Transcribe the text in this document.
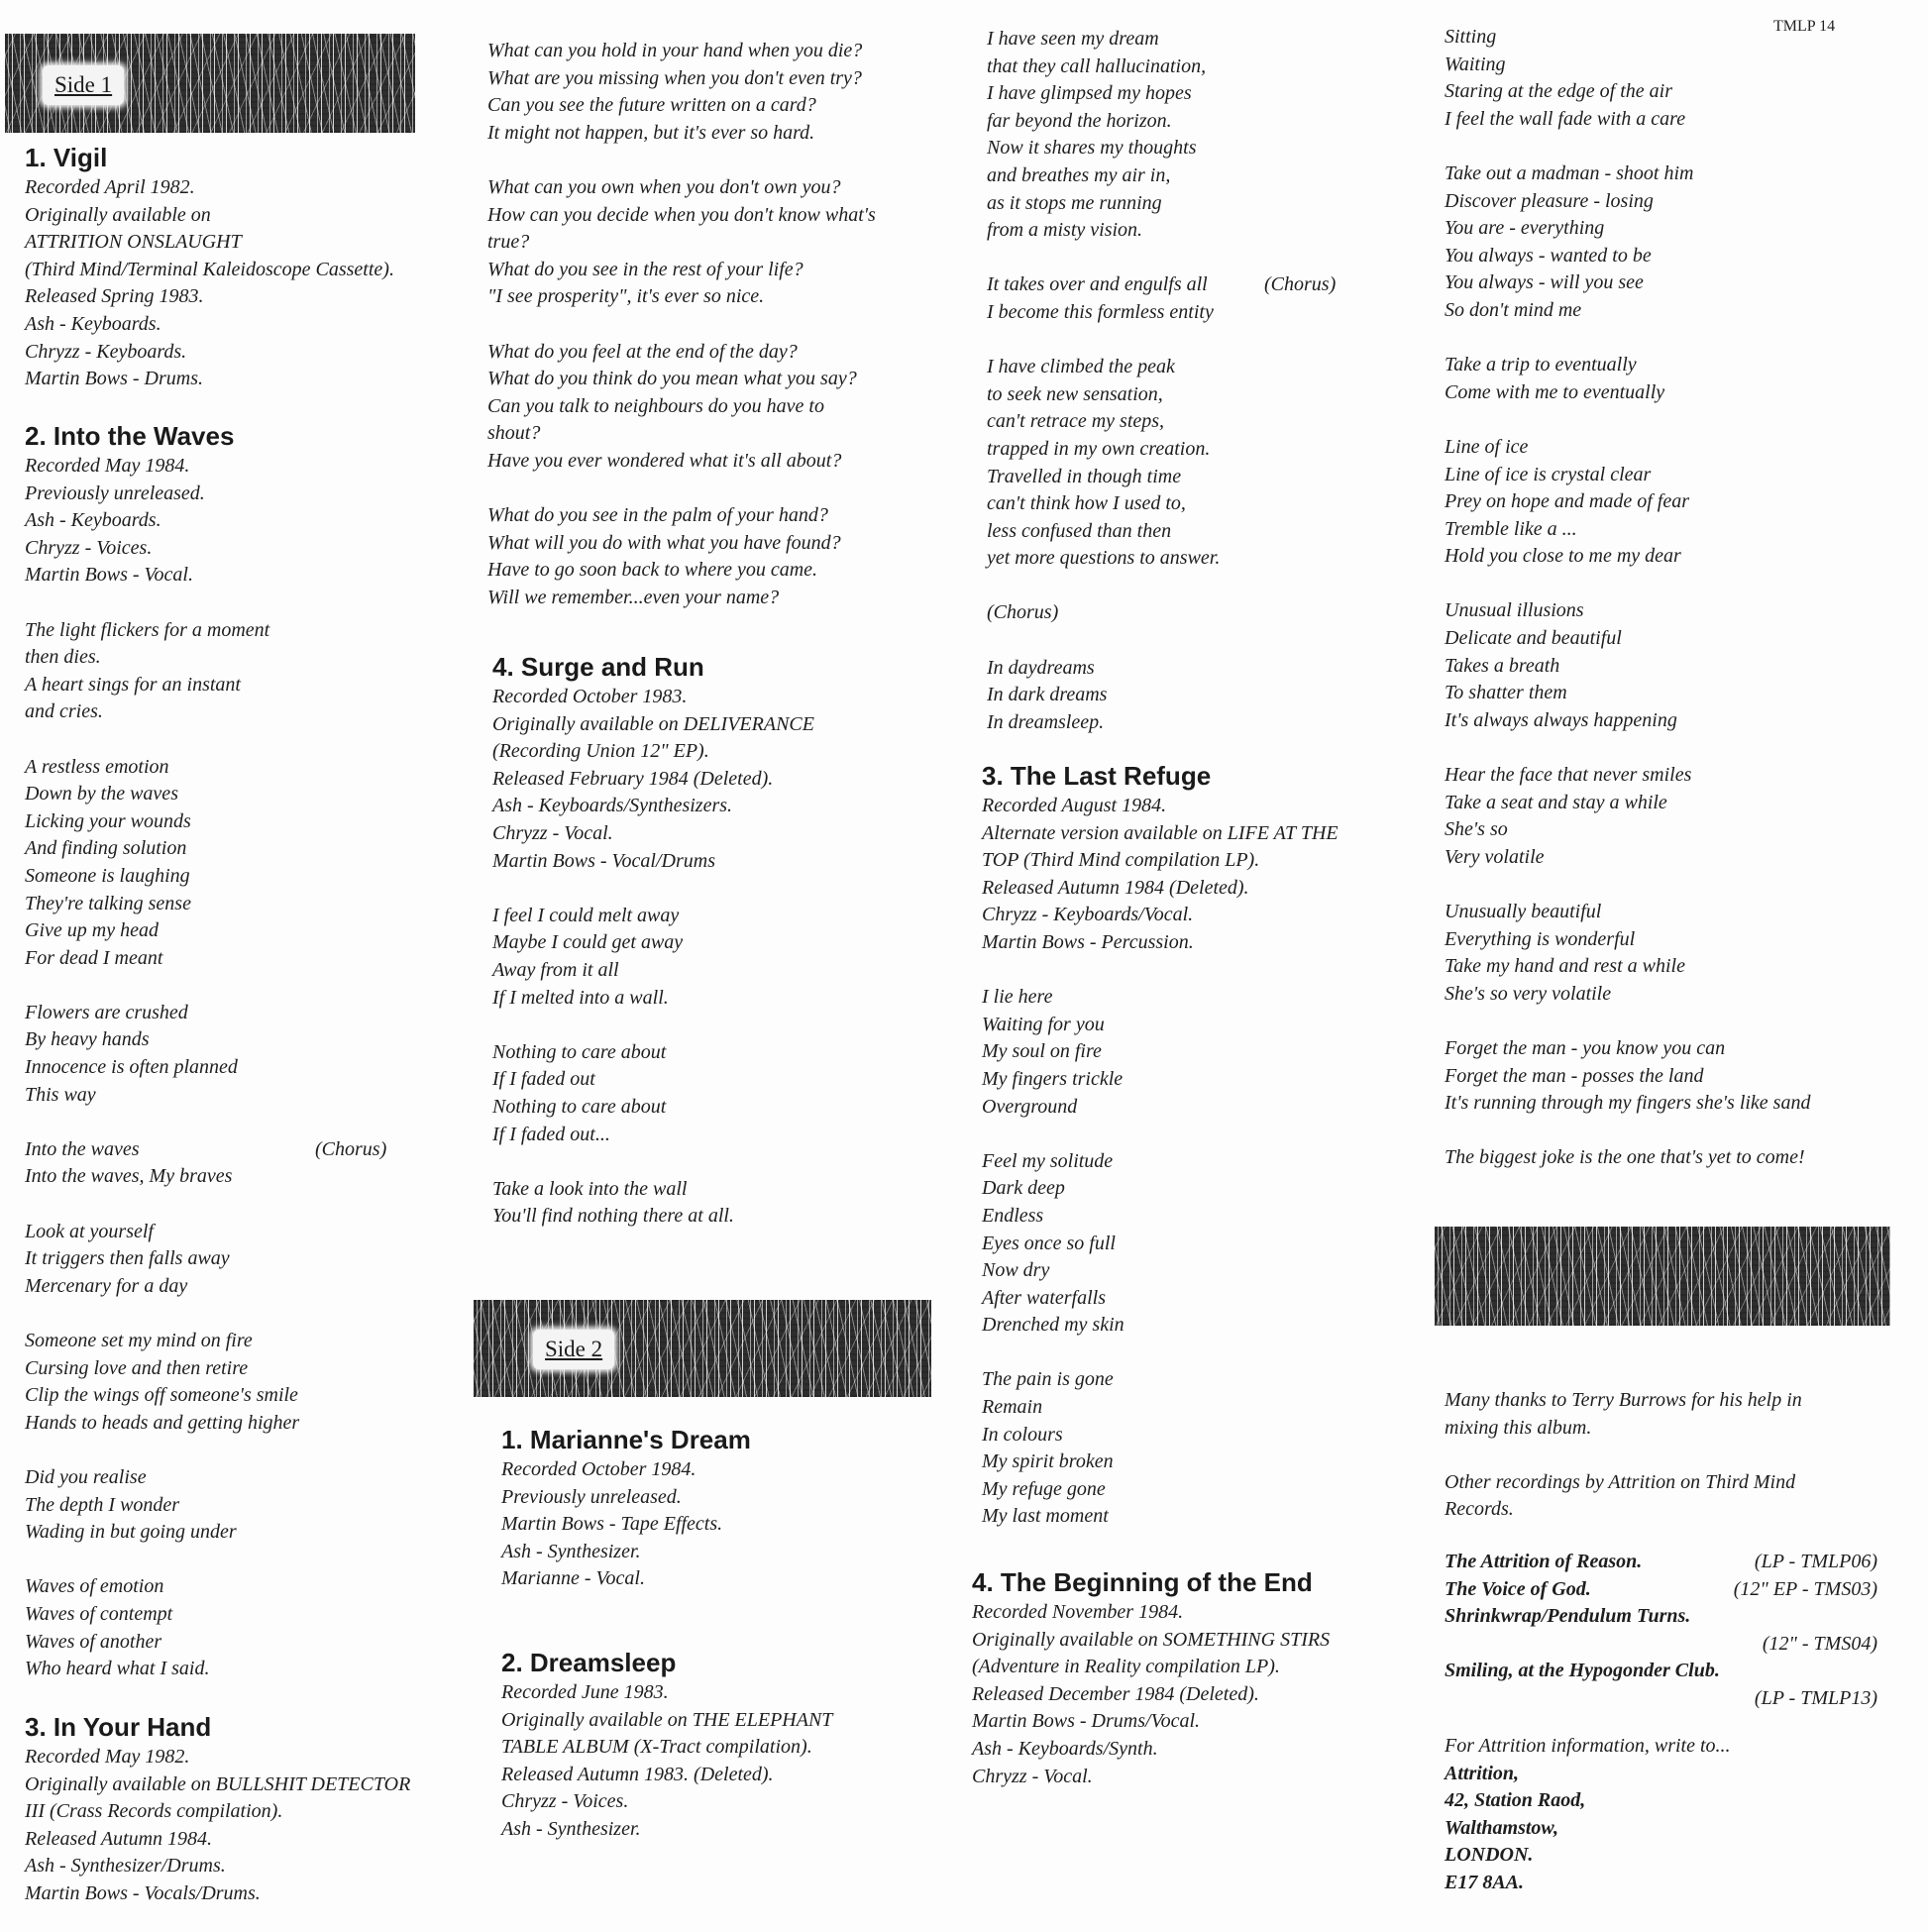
TMLP 14
Side 1
Side 2
1. Vigil
Recorded April 1982.
Originally available on
ATTRITION ONSLAUGHT
(Third Mind/Terminal Kaleidoscope Cassette).
Released Spring 1983.
Ash - Keyboards.
Chryzz - Keyboards.
Martin Bows - Drums.
2. Into the Waves
Recorded May 1984.
Previously unreleased.
Ash - Keyboards.
Chryzz - Voices.
Martin Bows - Vocal.
The light flickers for a moment
then dies.
A heart sings for an instant
and cries.
A restless emotion
Down by the waves
Licking your wounds
And finding solution
Someone is laughing
They're talking sense
Give up my head
For dead I meant
Flowers are crushed
By heavy hands
Innocence is often planned
This way
Into the waves	(Chorus)
Into the waves, My braves
Look at yourself
It triggers then falls away
Mercenary for a day
Someone set my mind on fire
Cursing love and then retire
Clip the wings off someone's smile
Hands to heads and getting higher
Did you realise
The depth I wonder
Wading in but going under
Waves of emotion
Waves of contempt
Waves of another
Who heard what I said.
3. In Your Hand
Recorded May 1982.
Originally available on BULLSHIT DETECTOR
III (Crass Records compilation).
Released Autumn 1984.
Ash - Synthesizer/Drums.
Martin Bows - Vocals/Drums.
What can you hold in your hand when you die?
What are you missing when you don't even try?
Can you see the future written on a card?
It might not happen, but it's ever so hard.
What can you own when you don't own you?
How can you decide when you don't know what's
true?
What do you see in the rest of your life?
"I see prosperity", it's ever so nice.
What do you feel at the end of the day?
What do you think do you mean what you say?
Can you talk to neighbours do you have to
shout?
Have you ever wondered what it's all about?
What do you see in the palm of your hand?
What will you do with what you have found?
Have to go soon back to where you came.
Will we remember...even your name?
4. Surge and Run
Recorded October 1983.
Originally available on DELIVERANCE
(Recording Union 12" EP).
Released February 1984 (Deleted).
Ash - Keyboards/Synthesizers.
Chryzz - Vocal.
Martin Bows - Vocal/Drums
I feel I could melt away
Maybe I could get away
Away from it all
If I melted into a wall.
Nothing to care about
If I faded out
Nothing to care about
If I faded out...
Take a look into the wall
You'll find nothing there at all.
1. Marianne's Dream
Recorded October 1984.
Previously unreleased.
Martin Bows - Tape Effects.
Ash - Synthesizer.
Marianne - Vocal.
2. Dreamsleep
Recorded June 1983.
Originally available on THE ELEPHANT
TABLE ALBUM (X-Tract compilation).
Released Autumn 1983. (Deleted).
Chryzz - Voices.
Ash - Synthesizer.
I have seen my dream
that they call hallucination,
I have glimpsed my hopes
far beyond the horizon.
Now it shares my thoughts
and breathes my air in,
as it stops me running
from a misty vision.
It takes over and engulfs all	(Chorus)
I become this formless entity
I have climbed the peak
to seek new sensation,
can't retrace my steps,
trapped in my own creation.
Travelled in though time
can't think how I used to,
less confused than then
yet more questions to answer.
(Chorus)
In daydreams
In dark dreams
In dreamsleep.
3. The Last Refuge
Recorded August 1984.
Alternate version available on LIFE AT THE
TOP (Third Mind compilation LP).
Released Autumn 1984 (Deleted).
Chryzz - Keyboards/Vocal.
Martin Bows - Percussion.
I lie here
Waiting for you
My soul on fire
My fingers trickle
Overground
Feel my solitude
Dark deep
Endless
Eyes once so full
Now dry
After waterfalls
Drenched my skin
The pain is gone
Remain
In colours
My spirit broken
My refuge gone
My last moment
4. The Beginning of the End
Recorded November 1984.
Originally available on SOMETHING STIRS
(Adventure in Reality compilation LP).
Released December 1984 (Deleted).
Martin Bows - Drums/Vocal.
Ash - Keyboards/Synth.
Chryzz - Vocal.
Sitting
Waiting
Staring at the edge of the air
I feel the wall fade with a care
Take out a madman - shoot him
Discover pleasure - losing
You are - everything
You always - wanted to be
You always - will you see
So don't mind me
Take a trip to eventually
Come with me to eventually
Line of ice
Line of ice is crystal clear
Prey on hope and made of fear
Tremble like a ...
Hold you close to me my dear
Unusual illusions
Delicate and beautiful
Takes a breath
To shatter them
It's always always happening
Hear the face that never smiles
Take a seat and stay a while
She's so
Very volatile
Unusually beautiful
Everything is wonderful
Take my hand and rest a while
She's so very volatile
Forget the man - you know you can
Forget the man - posses the land
It's running through my fingers she's like sand
The biggest joke is the one that's yet to come!
Many thanks to Terry Burrows for his help in
mixing this album.
Other recordings by Attrition on Third Mind
Records.
The Attrition of Reason.	(LP - TMLP06)
The Voice of God.	(12" EP - TMS03)
Shrinkwrap/Pendulum Turns.
(12" - TMS04)
Smiling, at the Hypogonder Club.
(LP - TMLP13)
For Attrition information, write to...
Attrition,
42, Station Raod,
Walthamstow,
LONDON.
E17 8AA.
